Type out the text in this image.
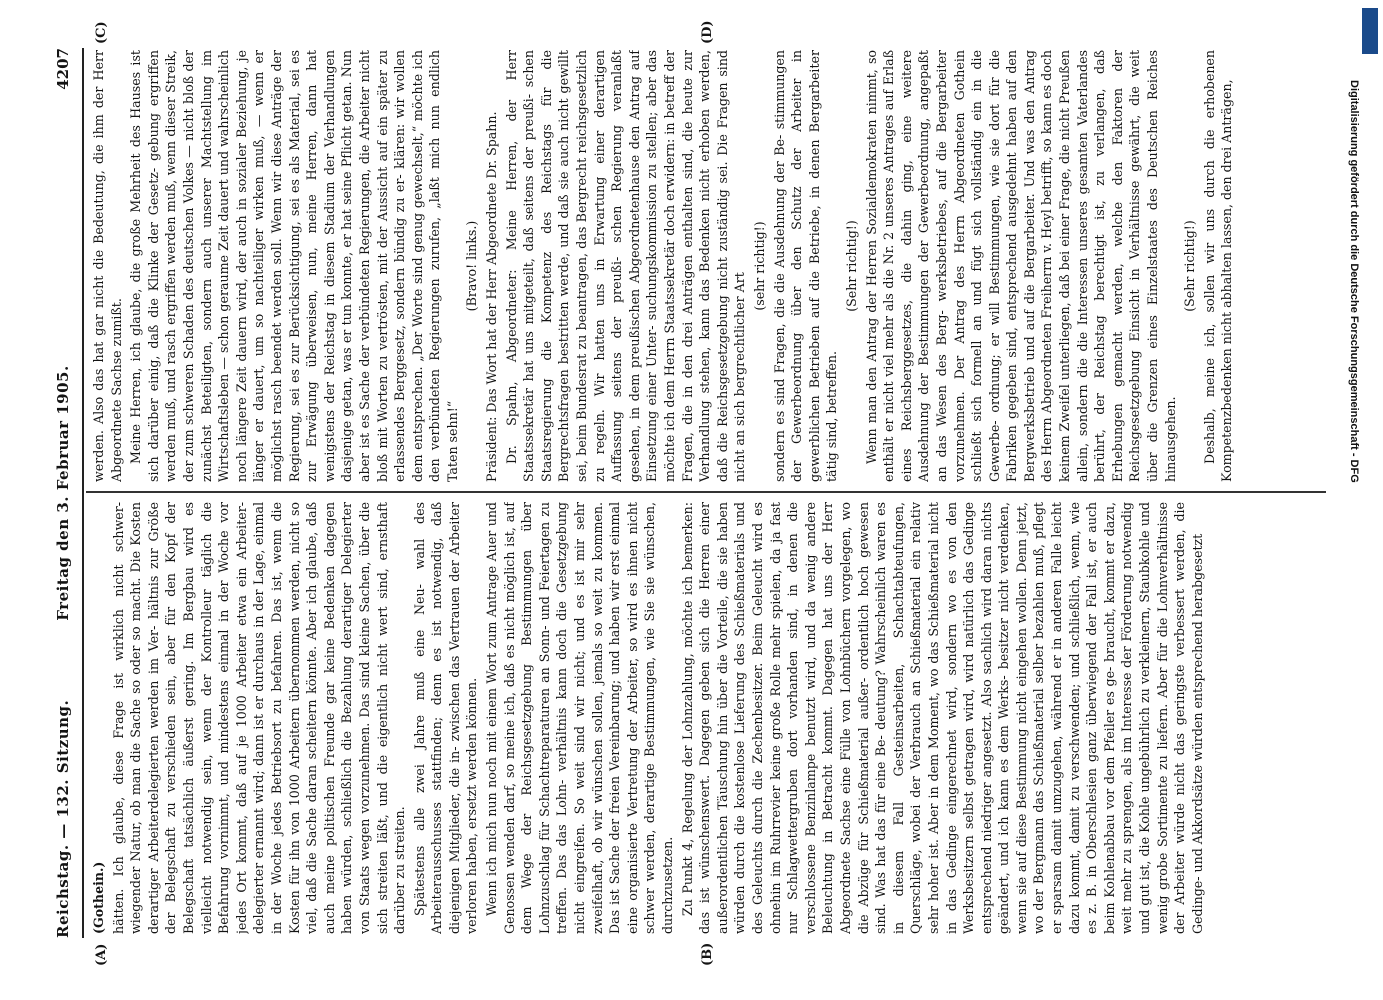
Reichstag. — 132. Sitzung.
Freitag den 3. Februar 1905.
4207
(A)	(B)
(C)	(D)

(Gothein.) hätten. Ich glaube, diese Frage ist wirklich nicht schwer- wiegender Natur, ob man die Sache so oder so macht. Die Kosten derartiger Arbeiterdelegierten werden im Ver- hältnis zur Größe der Belegschaft zu verschieden sein, aber für den Kopf der Belegschaft tatsächlich äußerst gering. Im Bergbau wird es vielleicht notwendig sein, wenn der Kontrolleur täglich die Befahrung vornimmt, und mindestens einmal in der Woche vor jedes Ort kommt, daß auf je 1000 Arbeiter etwa ein Arbeiter- delegierter ernannt wird; dann ist er durchaus in der Lage, einmal in der Woche jedes Betriebsort zu befahren. Das ist, wenn die Kosten für ihn von 1000 Arbeitern übernommen werden, nicht so viel, daß die Sache daran scheitern könnte. Aber ich glaube, daß auch meine politischen Freunde gar keine Bedenken dagegen haben würden, schließlich die Bezahlung derartiger Delegierter von Staats wegen vorzunehmen. Das sind kleine Sachen, über die sich streiten läßt, und die eigentlich nicht wert sind, ernsthaft darüber zu streiten. Spätestens alle zwei Jahre muß eine Neu- wahl des Arbeiterausschusses stattfinden; denn es ist notwendig, daß diejenigen Mitglieder, die in- zwischen das Vertrauen der Arbeiter verloren haben, ersetzt werden können. Wenn ich mich nun noch mit einem Wort zum Antrage Auer und Genossen wenden darf, so meine ich, daß es nicht möglich ist, auf dem Wege der Reichsgesetzgebung Bestimmungen über Lohnzuschlag für Schachtreparaturen an Sonn- und Feiertagen zu treffen. Das das Lohn- verhältnis kann doch die Gesetzgebung nicht eingreifen. So weit sind wir nicht; und es ist mir sehr zweifelhaft, ob wir wünschen sollen, jemals so weit zu kommen. Das ist Sache der freien Vereinbarung; und haben wir erst einmal eine organisierte Vertretung der Arbeiter, so wird es ihnen nicht schwer werden, derartige Bestimmungen, wie Sie sie wünschen, durchzusetzen. Zu Punkt 4, Regelung der Lohnzahlung, möchte ich bemerken: das ist wünschenswert. Dagegen geben sich die Herren einer außerordentlichen Täuschung hin über die Vorteile, die sie haben würden durch die kostenlose Lieferung des Schießmaterials und des Geleuchts durch die Zechenbesitzer. Beim Geleucht wird es ohnehin im Ruhrrevier keine große Rolle mehr spielen, da ja fast nur Schlagwettergruben dort vorhanden sind, in denen die verschlossene Benzinlampe benutzt wird, und da wenig andere Beleuchtung in Betracht kommt. Dagegen hat uns der Herr Abgeordnete Sachse eine Fülle von Lohnbüchern vorgelegen, wo die Abzüge für Schießmaterial außer- ordentlich hoch gewesen sind. Was hat das für eine Be- deutung? Wahrscheinlich waren es in diesem Fall Gesteinsarbeiten, Schachtabteufungen, Querschläge, wobei der Verbrauch an Schießmaterial ein relativ sehr hoher ist. Aber in dem Moment, wo das Schießmaterial nicht in das Gedinge eingerechnet wird, sondern wo es von den Werksbesitzern selbst getragen wird, wird natürlich das Gedinge entsprechend niedriger angesetzt. Also sachlich wird daran nichts geändert, und ich kann es dem Werks- besitzer nicht verdenken, wenn sie auf diese Bestimmung nicht eingehen wollen. Denn jetzt, wo der Bergmann das Schießmaterial selber bezahlen muß, pflegt er sparsam damit umzugehen, während er in anderen Falle leicht dazu kommt, damit zu verschwenden; und schließlich, wenn, wie es z. B. in Oberschlesien ganz überwiegend der Fall ist, er auch beim Kohlenabbau vor dem Pfeiler es ge- braucht, kommt er dazu, weit mehr zu sprengen, als im Interesse der Förderung notwendig und gut ist, die Kohle ungebührlich zu verkleinern, Staubkohle und wenig grobe Sortimente zu liefern. Aber für die Lohnverhältnisse der Arbeiter würde nicht das geringste verbessert werden, die Gedinge- und Akkordsätze würden entsprechend herabgesetzt

werden. Also das hat gar nicht die Bedeutung, die ihm der Herr Abgeordnete Sachse zumißt. Meine Herren, ich glaube, die große Mehrheit des Hauses ist sich darüber einig, daß die Klinke der Gesetz- gebung ergriffen werden muß, und rasch ergriffen werden muß, wenn dieser Streik, der zum schweren Schaden des deutschen Volkes — nicht bloß der zunächst Beteiligten, sondern auch unserer Machtstellung im Wirtschaftsleben — schon geraume Zeit dauert und wahrscheinlich noch längere Zeit dauern wird, der auch in sozialer Beziehung, je länger er dauert, um so nachteiliger wirken muß, — wenn er möglichst rasch beendet werden soll. Wenn wir diese Anträge der Regierung, sei es zur Berücksichtigung, sei es als Material, sei es zur Erwägung überweisen, nun, meine Herren, dann hat wenigstens der Reichstag in diesem Stadium der Verhandlungen dasjenige getan, was er tun konnte, er hat seine Pflicht getan. Nun aber ist es Sache der verbündeten Regierungen, die Arbeiter nicht bloß mit Worten zu vertrösten, mit der Aussicht auf ein später zu erlassendes Berggesetz, sondern bündig zu er- klären: wir wollen dem entsprechen. „Der Worte sind genug gewechselt,“ möchte ich den verbündeten Regierungen zurufen, „laßt mich nun endlich Taten sehn!“

(Bravo! links.) Präsident: Das Wort hat der Herr Abgeordnete Dr. Spahn. Dr. Spahn, Abgeordneter: Meine Herren, der Herr Staatssekretär hat uns mitgeteilt, daß seitens der preußi- schen Staatsregierung die Kompetenz des Reichstags für die Bergrechtsfragen bestritten werde, und daß sie auch nicht gewillt sei, beim Bundesrat zu beantragen, das Bergrecht reichsgesetzlich zu regeln. Wir hatten uns in Erwartung einer derartigen Auffassung seitens der preußi- schen Regierung veranlaßt gesehen, in dem preußischen Abgeordnetenhause den Antrag auf Einsetzung einer Unter- suchungskommission zu stellen; aber das möchte ich dem Herrn Staatssekretär doch erwidern: in betreff der Fragen, die in den drei Anträgen enthalten sind, die heute zur Verhandlung stehen, kann das Bedenken nicht erhoben werden, daß die Reichsgesetzgebung nicht zuständig sei. Die Fragen sind nicht an sich bergrechtlicher Art

(sehr richtig!) sondern es sind Fragen, die die Ausdehnung der Be- stimmungen der Gewerbeordnung über den Schutz der Arbeiter in gewerblichen Betrieben auf die Betriebe, in denen Bergarbeiter tätig sind, betreffen.

(Sehr richtig!) Wenn man den Antrag der Herren Sozialdemokraten nimmt, so enthält er nicht viel mehr als die Nr. 2 unseres Antrages auf Erlaß eines Reichsberggesetzes, die dahin ging, eine weitere Ausdehnung der Bestimmungen der Gewerbeordnung, angepaßt an das Wesen des Berg- werksbetriebes, auf die Bergarbeiter vorzunehmen. Der Antrag des Herrn Abgeordneten Gothein schließt sich formell an und fügt sich vollständig ein in die Gewerbe- ordnung; er will Bestimmungen, wie sie dort für die Fabriken gegeben sind, entsprechend ausgedehnt haben auf den Bergwerksbetrieb und auf die Bergarbeiter. Und was den Antrag des Herrn Abgeordneten Freiherrn v. Heyl betrifft, so kann es doch keinem Zweifel unterliegen, daß bei einer Frage, die nicht Preußen allein, sondern die die Interessen unseres gesamten Vaterlandes berührt, der Reichstag berechtigt ist, zu verlangen, daß Erhebungen gemacht werden, welche den Faktoren der Reichsgesetzgebung Einsicht in Verhältnisse gewährt, die weit über die Grenzen eines Einzelstaates des Deutschen Reiches hinausgehen.

(Sehr richtig!) Deshalb, meine ich, sollen wir uns durch die erhobenen Kompetenzbedenken nicht abhalten lassen, den drei Anträgen,	Digitalisierung gefördert durch die Deutsche Forschungsgemeinschaft - DFG
